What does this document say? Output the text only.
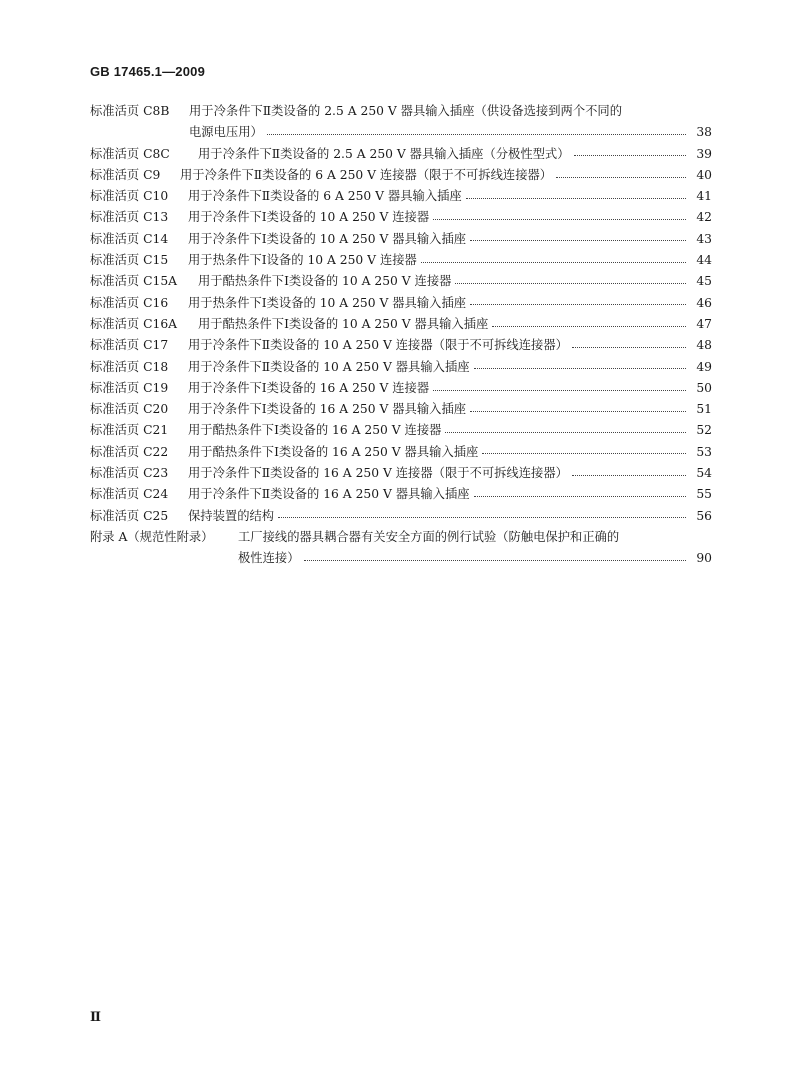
GB 17465.1—2009
标准活页 C8B	用于冷条件下Ⅱ类设备的 2.5 A 250 V 器具输入插座（供设备选接到两个不同的
电源电压用）	38
标准活页 C8C	用于冷条件下Ⅱ类设备的 2.5 A 250 V 器具输入插座（分极性型式）	39
标准活页 C9	用于冷条件下Ⅱ类设备的 6 A 250 V 连接器（限于不可拆线连接器）	40
标准活页 C10	用于冷条件下Ⅱ类设备的 6 A 250 V 器具输入插座	41
标准活页 C13	用于冷条件下Ⅰ类设备的 10 A 250 V 连接器	42
标准活页 C14	用于冷条件下Ⅰ类设备的 10 A 250 V 器具输入插座	43
标准活页 C15	用于热条件下Ⅰ设备的 10 A 250 V 连接器	44
标准活页 C15A	用于酷热条件下Ⅰ类设备的 10 A 250 V 连接器	45
标准活页 C16	用于热条件下Ⅰ类设备的 10 A 250 V 器具输入插座	46
标准活页 C16A	用于酷热条件下Ⅰ类设备的 10 A 250 V 器具输入插座	47
标准活页 C17	用于冷条件下Ⅱ类设备的 10 A 250 V 连接器（限于不可拆线连接器）	48
标准活页 C18	用于冷条件下Ⅱ类设备的 10 A 250 V 器具输入插座	49
标准活页 C19	用于冷条件下Ⅰ类设备的 16 A 250 V 连接器	50
标准活页 C20	用于冷条件下Ⅰ类设备的 16 A 250 V 器具输入插座	51
标准活页 C21	用于酷热条件下Ⅰ类设备的 16 A 250 V 连接器	52
标准活页 C22	用于酷热条件下Ⅰ类设备的 16 A 250 V 器具输入插座	53
标准活页 C23	用于冷条件下Ⅱ类设备的 16 A 250 V 连接器（限于不可拆线连接器）	54
标准活页 C24	用于冷条件下Ⅱ类设备的 16 A 250 V 器具输入插座	55
标准活页 C25	保持装置的结构	56
附录 A（规范性附录）	工厂接线的器具耦合器有关安全方面的例行试验（防触电保护和正确的
极性连接）	90
Ⅱ
